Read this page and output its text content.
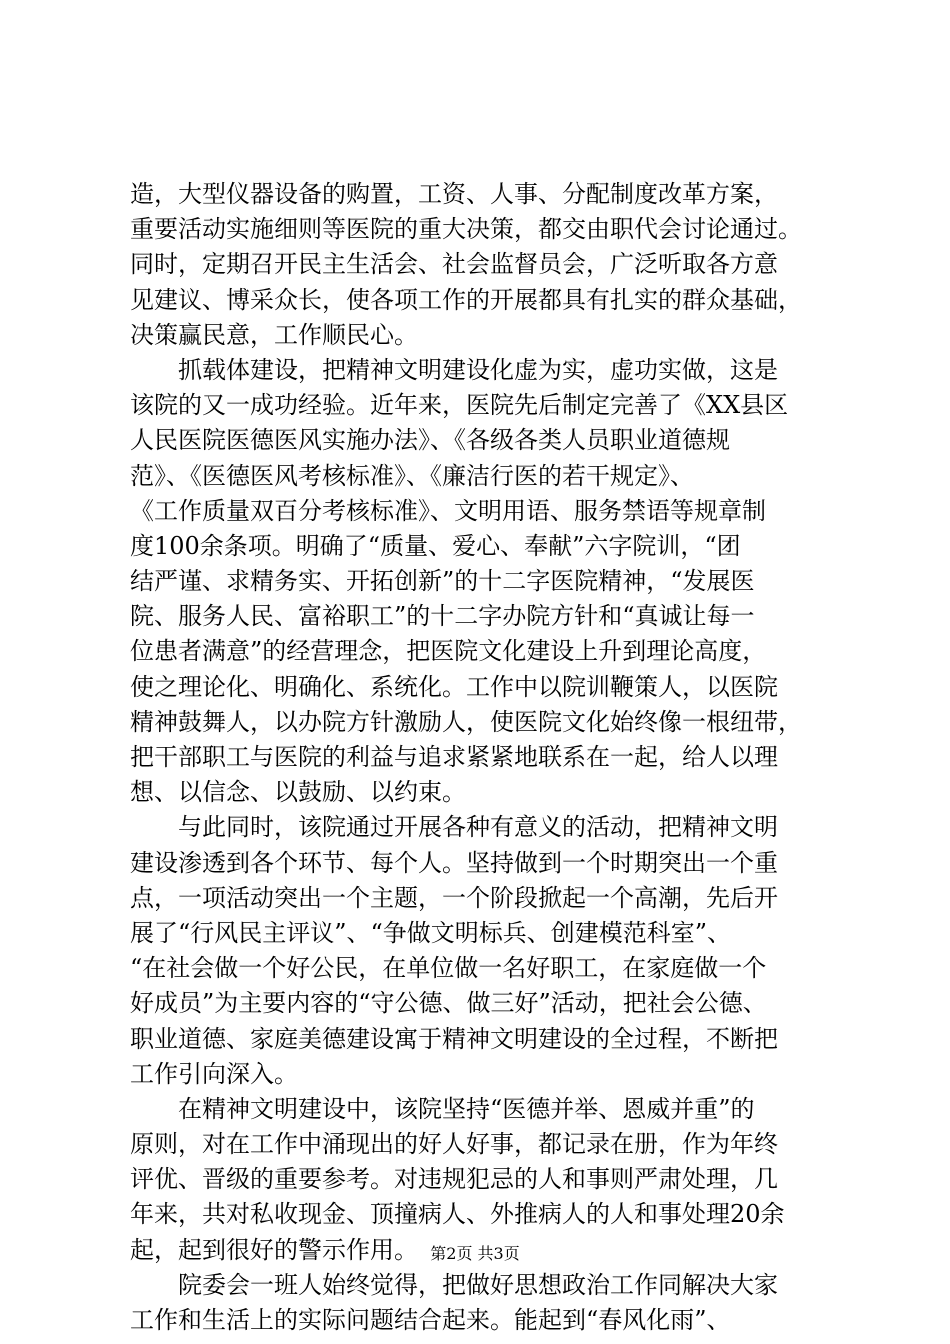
造，大型仪器设备的购置，工资、人事、分配制度改革方案，
重要活动实施细则等医院的重大决策，都交由职代会讨论通过。
同时，定期召开民主生活会、社会监督员会，广泛听取各方意
见建议、博采众长，使各项工作的开展都具有扎实的群众基础，
决策赢民意，工作顺民心。
抓载体建设，把精神文明建设化虚为实，虚功实做，这是
该院的又一成功经验。近年来，医院先后制定完善了《XX县区
人民医院医德医风实施办法》、《各级各类人员职业道德规
范》、《医德医风考核标准》、《廉洁行医的若干规定》、
《工作质量双百分考核标准》、文明用语、服务禁语等规章制
度100余条项。明确了“质量、爱心、奉献”六字院训，“团
结严谨、求精务实、开拓创新”的十二字医院精神，“发展医
院、服务人民、富裕职工”的十二字办院方针和“真诚让每一
位患者满意”的经营理念，把医院文化建设上升到理论高度，
使之理论化、明确化、系统化。工作中以院训鞭策人，以医院
精神鼓舞人，以办院方针激励人，使医院文化始终像一根纽带，
把干部职工与医院的利益与追求紧紧地联系在一起，给人以理
想、以信念、以鼓励、以约束。
与此同时，该院通过开展各种有意义的活动，把精神文明
建设渗透到各个环节、每个人。坚持做到一个时期突出一个重
点，一项活动突出一个主题，一个阶段掀起一个高潮，先后开
展了“行风民主评议”、“争做文明标兵、创建模范科室”、
“在社会做一个好公民，在单位做一名好职工，在家庭做一个
好成员”为主要内容的“守公德、做三好”活动，把社会公德、
职业道德、家庭美德建设寓于精神文明建设的全过程，不断把
工作引向深入。
在精神文明建设中，该院坚持“医德并举、恩威并重”的
原则，对在工作中涌现出的好人好事，都记录在册，作为年终
评优、晋级的重要参考。对违规犯忌的人和事则严肃处理，几
年来，共对私收现金、顶撞病人、外推病人的人和事处理20余
起，起到很好的警示作用。
院委会一班人始终觉得，把做好思想政治工作同解决大家
工作和生活上的实际问题结合起来。能起到“春风化雨”、
第2页 共3页
